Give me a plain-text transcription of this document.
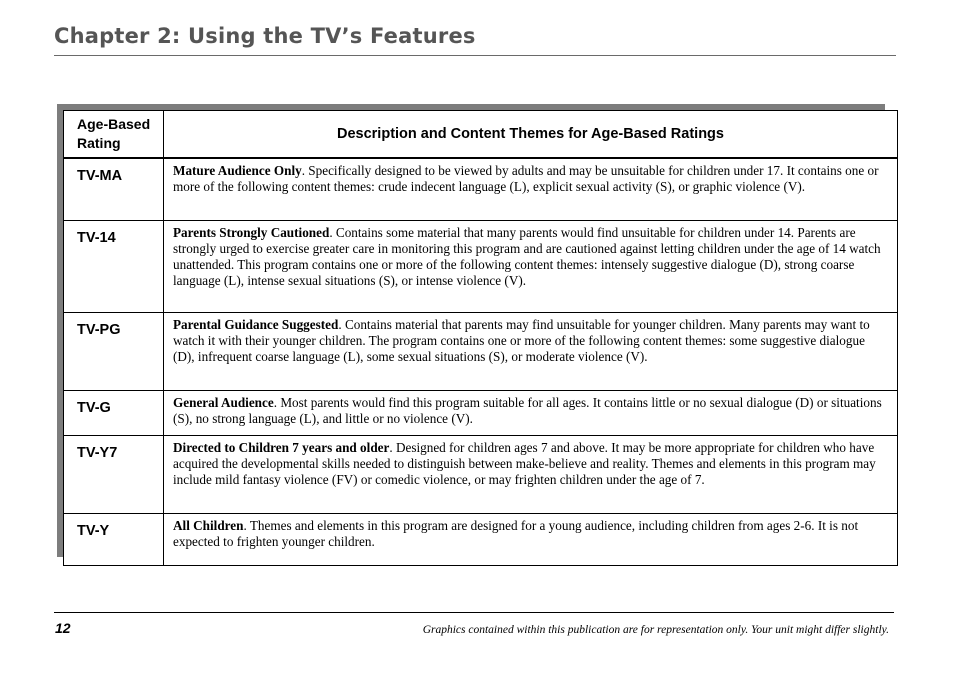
Chapter 2: Using the TV’s Features
Age-Based
Rating	Description and Content Themes for Age-Based Ratings
TV-MA	Mature Audience Only. Specifically designed to be viewed by adults and may be unsuitable for children under 17. It contains one or more of the following content themes: crude indecent language (L), explicit sexual activity (S), or graphic violence (V).
TV-14	Parents Strongly Cautioned. Contains some material that many parents would find unsuitable for children under 14. Parents are strongly urged to exercise greater care in monitoring this program and are cautioned against letting children under the age of 14 watch unattended. This program contains one or more of the following content themes: intensely suggestive dialogue (D), strong coarse language (L), intense sexual situations (S), or intense violence (V).
TV-PG	Parental Guidance Suggested. Contains material that parents may find unsuitable for younger children. Many parents may want to watch it with their younger children. The program contains one or more of the following content themes: some suggestive dialogue (D), infrequent coarse language (L), some sexual situations (S), or moderate violence (V).
TV-G	General Audience. Most parents would find this program suitable for all ages. It contains little or no sexual dialogue (D) or situations (S), no strong language (L), and little or no violence (V).
TV-Y7	Directed to Children 7 years and older. Designed for children ages 7 and above. It may be more appropriate for children who have acquired the developmental skills needed to distinguish between make-believe and reality. Themes and elements in this program may include mild fantasy violence (FV) or comedic violence, or may frighten children under the age of 7.
TV-Y	All Children. Themes and elements in this program are designed for a young audience, including children from ages 2-6. It is not expected to frighten younger children.
12	Graphics contained within this publication are for representation only. Your unit might differ slightly.
